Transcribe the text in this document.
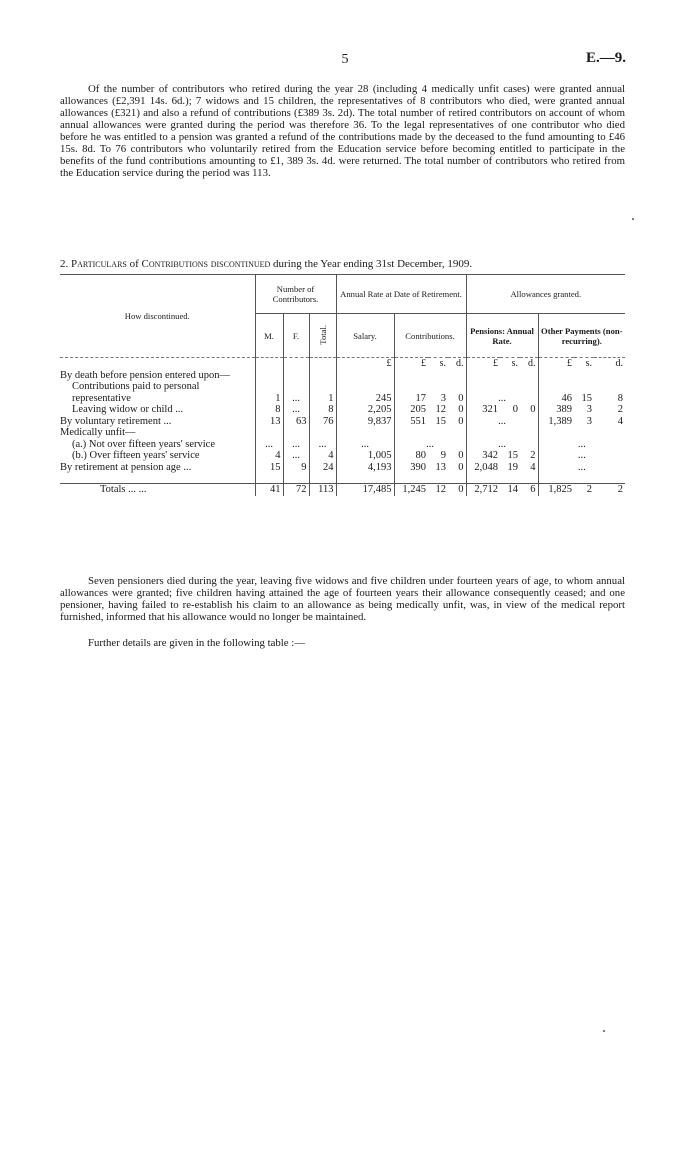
5	E.—9.

Of the number of contributors who retired during the year 28 (including 4 medically unfit cases) were granted annual allowances (£2,391 14s. 6d.); 7 widows and 15 children, the representatives of 8 contributors who died, were granted annual allowances (£321) and also a refund of contributions (£389 3s. 2d). The total number of retired contributors on account of whom annual allowances were granted during the period was therefore 36. To the legal representatives of one contributor who died before he was entitled to a pension was granted a refund of the contributions made by the deceased to the fund amounting to £46 15s. 8d. To 76 contributors who voluntarily retired from the Education service before becoming entitled to participate in the benefits of the fund contributions amounting to £1, 389 3s. 4d. were returned. The total number of contributors who retired from the Education service during the period was 113.

2. Particulars of Contributions discontinued during the Year ending 31st December, 1909.

How discontinued.	Number of Contributors.			Annual Rate at Date of Retirement.				Allowances granted.					
	M.	F.	Total.	Salary.	Contributions.			Pensions: Annual Rate.			Other Payments (non-recurring).		
				£	£	s.	d.	£	s.	d.	£	s.	d.
By death before pension entered upon—													
Contributions paid to personal representative	1	...	1	245	17	3	0	...			46	15	8
Leaving widow or child ...	8	...	8	2,205	205	12	0	321	0	0	389	3	2
By voluntary retirement ...	13	63	76	9,837	551	15	0	...			1,389	3	4
Medically unfit—													
(a.) Not over fifteen years' service	...	...	...	...	...			...			...		
(b.) Over fifteen years' service	4	...	4	1,005	80	9	0	342	15	2	...		
By retirement at pension age ...	15	9	24	4,193	390	13	0	2,048	19	4	...		
Totals ... ...	41	72	113	17,485	1,245	12	0	2,712	14	6	1,825	2	2

Seven pensioners died during the year, leaving five widows and five children under fourteen years of age, to whom annual allowances were granted; five children having attained the age of fourteen years their allowance consequently ceased; and one pensioner, having failed to re-establish his claim to an allowance as being medically unfit, was, in view of the medical report furnished, informed that his allowance would no longer be maintained.

Further details are given in the following table :—
